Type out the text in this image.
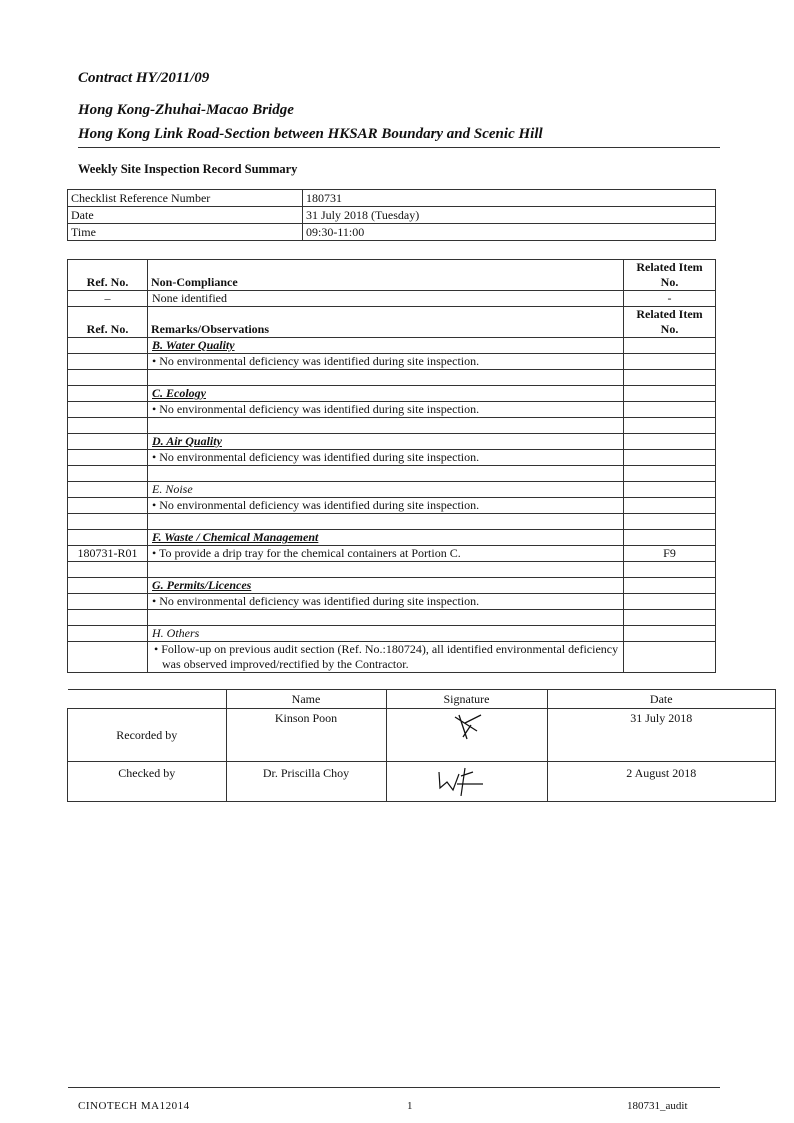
Contract HY/2011/09
Hong Kong-Zhuhai-Macao Bridge
Hong Kong Link Road-Section between HKSAR Boundary and Scenic Hill
Weekly Site Inspection Record Summary
Checklist Reference Number	180731
Date	31 July 2018 (Tuesday)
Time	09:30-11:00
Ref. No.	Non-Compliance	Related Item No.
–	None identified	-
Ref. No.	Remarks/Observations	Related Item No.
	B. Water Quality	
	• No environmental deficiency was identified during site inspection.	

	C. Ecology	
	• No environmental deficiency was identified during site inspection.	

	D. Air Quality	
	• No environmental deficiency was identified during site inspection.	

	E. Noise	
	• No environmental deficiency was identified during site inspection.	

	F. Waste / Chemical Management	
180731-R01	• To provide a drip tray for the chemical containers at Portion C.	F9

	G. Permits/Licences	
	• No environmental deficiency was identified during site inspection.	

	H. Others	
	• Follow-up on previous audit section (Ref. No.:180724), all identified environmental deficiency was observed improved/rectified by the Contractor.	
	Name	Signature	Date
Recorded by	Kinson Poon		31 July 2018
Checked by	Dr. Priscilla Choy		2 August 2018
CINOTECH MA12014	1	180731_audit
